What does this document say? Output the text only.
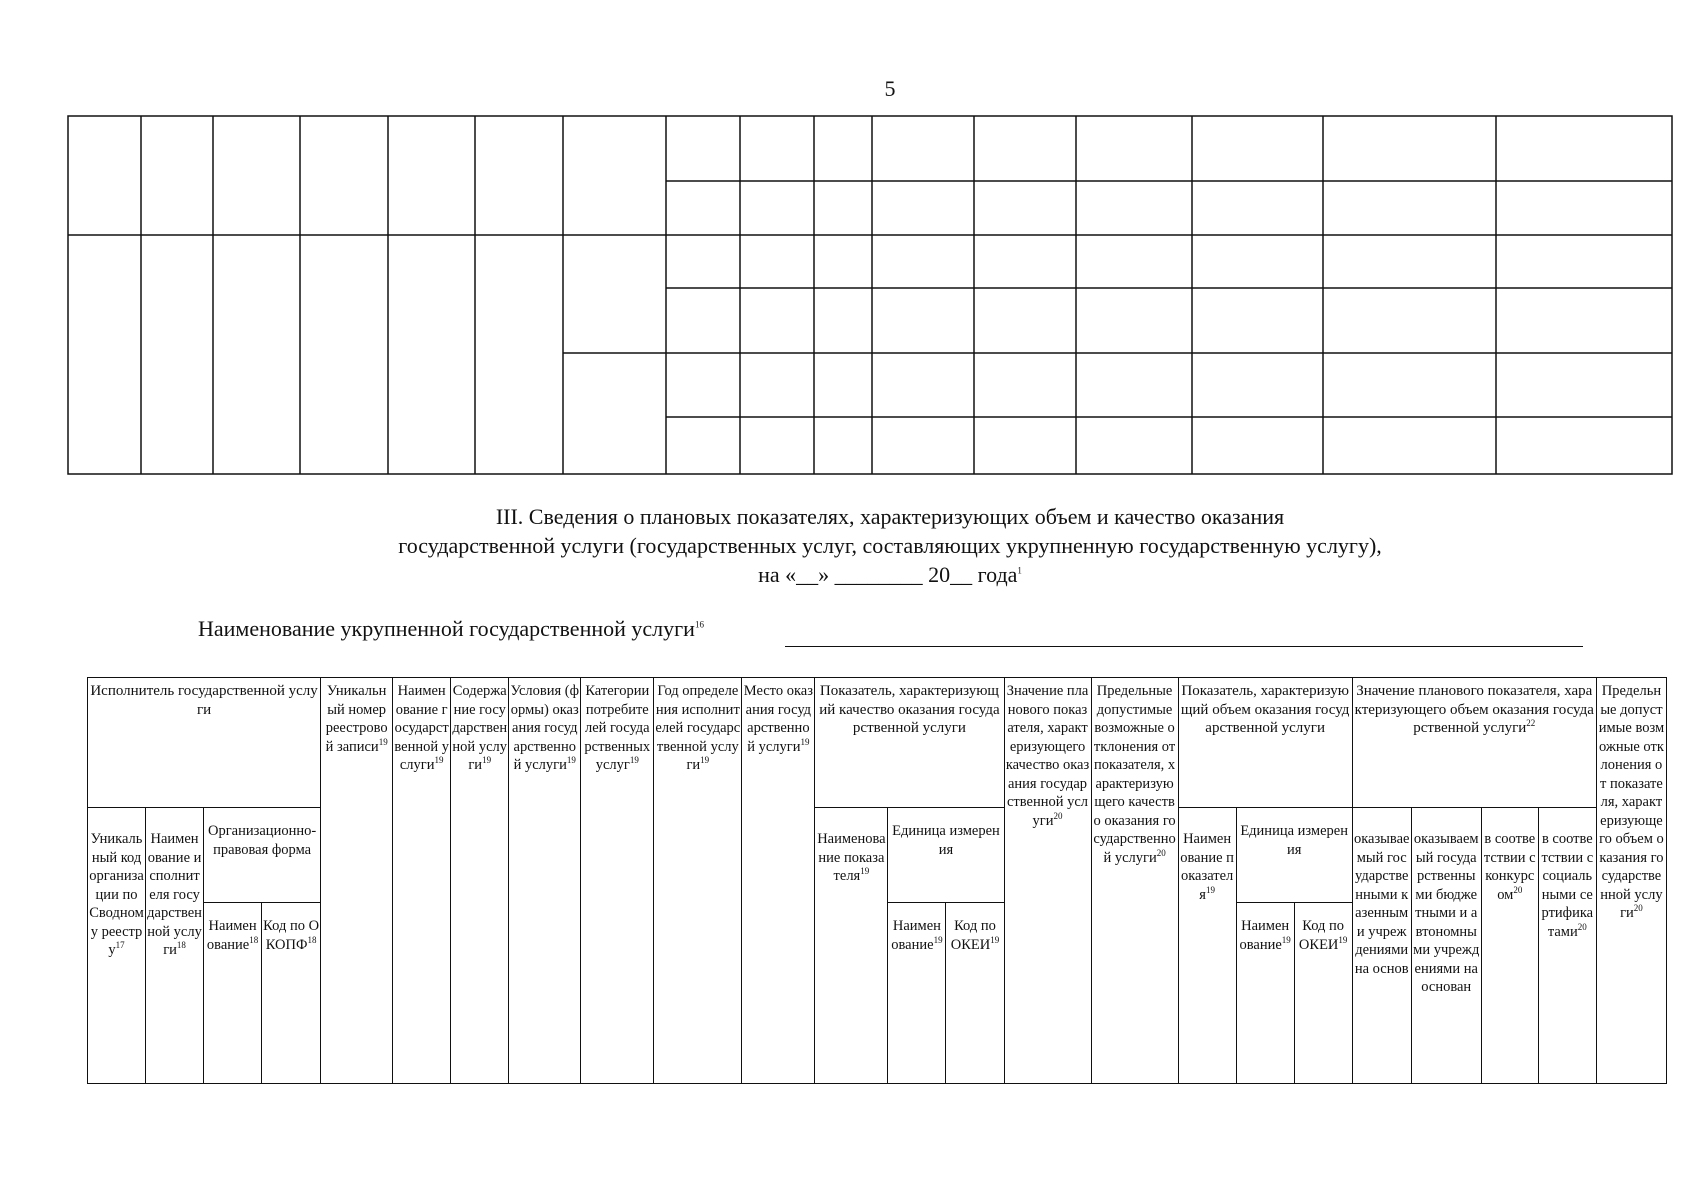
5
III. Сведения о плановых показателях, характеризующих объем и качество оказания
государственной услуги (государственных услуг, составляющих укрупненную государственную услугу),
на «__» ________ 20__ года$^1$
Наименование укрупненной государственной услуги$^{16}$
Исполнитель государственной услуги				Уникальный номер реестровой записи$^{19}$	Наименование государственной услуги$^{19}$	Содержание государственной услуги$^{19}$	Условия (формы) оказания государственной услуги$^{19}$	Категории потребителей государственных услуг$^{19}$	Год определения исполнителей государственной услуги$^{19}$	Место оказания государственной услуги$^{19}$	Показатель, характеризующий качество оказания государственной услуги			Значение планового показателя, характеризующего качество оказания государственной услуги$^{20}$	Предельные допустимые возможные отклонения от показателя, характеризующего качество оказания государственной услуги$^{20}$	Показатель, характеризующий объем оказания государственной услуги			Значение планового показателя, характеризующего объем оказания государственной услуги$^{22}$				Предельные допустимые возможные отклонения от показателя, характеризующего объем оказания государственной услуги$^{20}$
Уникальный код организации по Сводному реестру$^{17}$	Наименование исполнителя государственной услуги$^{18}$	Организационно-правовая форма									Наименование показателя$^{19}$	Единица измерения				Наименование показателя$^{19}$	Единица измерения		оказываемый государственными казенными учреждениями на основ	оказываемый государственными бюджетными и автономными учреждениями на основан	в соответствии с конкурсом$^{20}$	в соответствии с социальными сертификатами$^{20}$
		Наименование$^{18}$	Код по ОКОПФ$^{18}$									Наименование$^{19}$	Код по ОКЕИ$^{19}$				Наименование$^{19}$	Код по ОКЕИ$^{19}$
